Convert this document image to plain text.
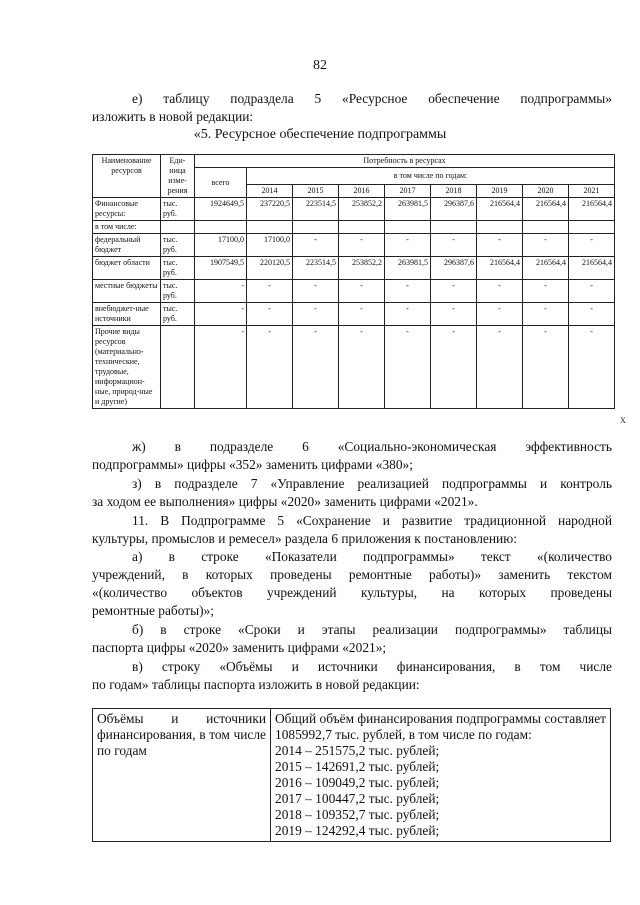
82
е) таблицу подраздела 5 «Ресурсное обеспечение подпрограммы»
изложить в новой редакции:
«5. Ресурсное обеспечение подпрограммы
Наименование ресурсов	Еди-ница изме-рения	Потребность в ресурсах								
		всего	в том числе по годам:							
			2014	2015	2016	2017	2018	2019	2020	2021
Финансовые ресурсы:	тыс. руб.	1924649,5	237220,5	223514,5	253852,2	263981,5	296387,6	216564,4	216564,4	216564,4
в том числе:										
федеральный бюджет	тыс. руб.	17100,0	17100,0	-	-	-	-	-	-	-
бюджет области	тыс. руб.	1907549,5	220120,5	223514,5	253852,2	263981,5	296387,6	216564,4	216564,4	216564,4
местные бюджеты	тыс. руб.	-	-	-	-	-	-	-	-	-
внебюджет-ные источники	тыс. руб.	-	-	-	-	-	-	-	-	-
Прочие виды ресурсов (материально-технические, трудовые, информацион-ные, природ-ные и другие)		-	-	-	-	-	-	-	-	-
х
ж) в подразделе 6 «Социально-экономическая эффективность
подпрограммы» цифры «352» заменить цифрами «380»;
з) в подразделе 7 «Управление реализацией подпрограммы и контроль
за ходом ее выполнения» цифры «2020» заменить цифрами «2021».
11. В Подпрограмме 5 «Сохранение и развитие традиционной народной
культуры, промыслов и ремесел» раздела 6 приложения к постановлению:
а) в строке «Показатели подпрограммы» текст «(количество
учреждений, в которых проведены ремонтные работы)» заменить текстом
«(количество объектов учреждений культуры, на которых проведены
ремонтные работы)»;
б) в строке «Сроки и этапы реализации подпрограммы» таблицы
паспорта цифры «2020» заменить цифрами «2021»;
в) строку «Объёмы и источники финансирования, в том числе
по годам» таблицы паспорта изложить в новой редакции:
Объёмы и источники финансирования, в том числе по годам

Общий объём финансирования подпрограммы составляет 1085992,7 тыс. рублей, в том числе по годам:
2014 – 251575,2 тыс. рублей;
2015 – 142691,2 тыс. рублей;
2016 – 109049,2 тыс. рублей;
2017 – 100447,2 тыс. рублей;
2018 – 109352,7 тыс. рублей;
2019 – 124292,4 тыс. рублей;
